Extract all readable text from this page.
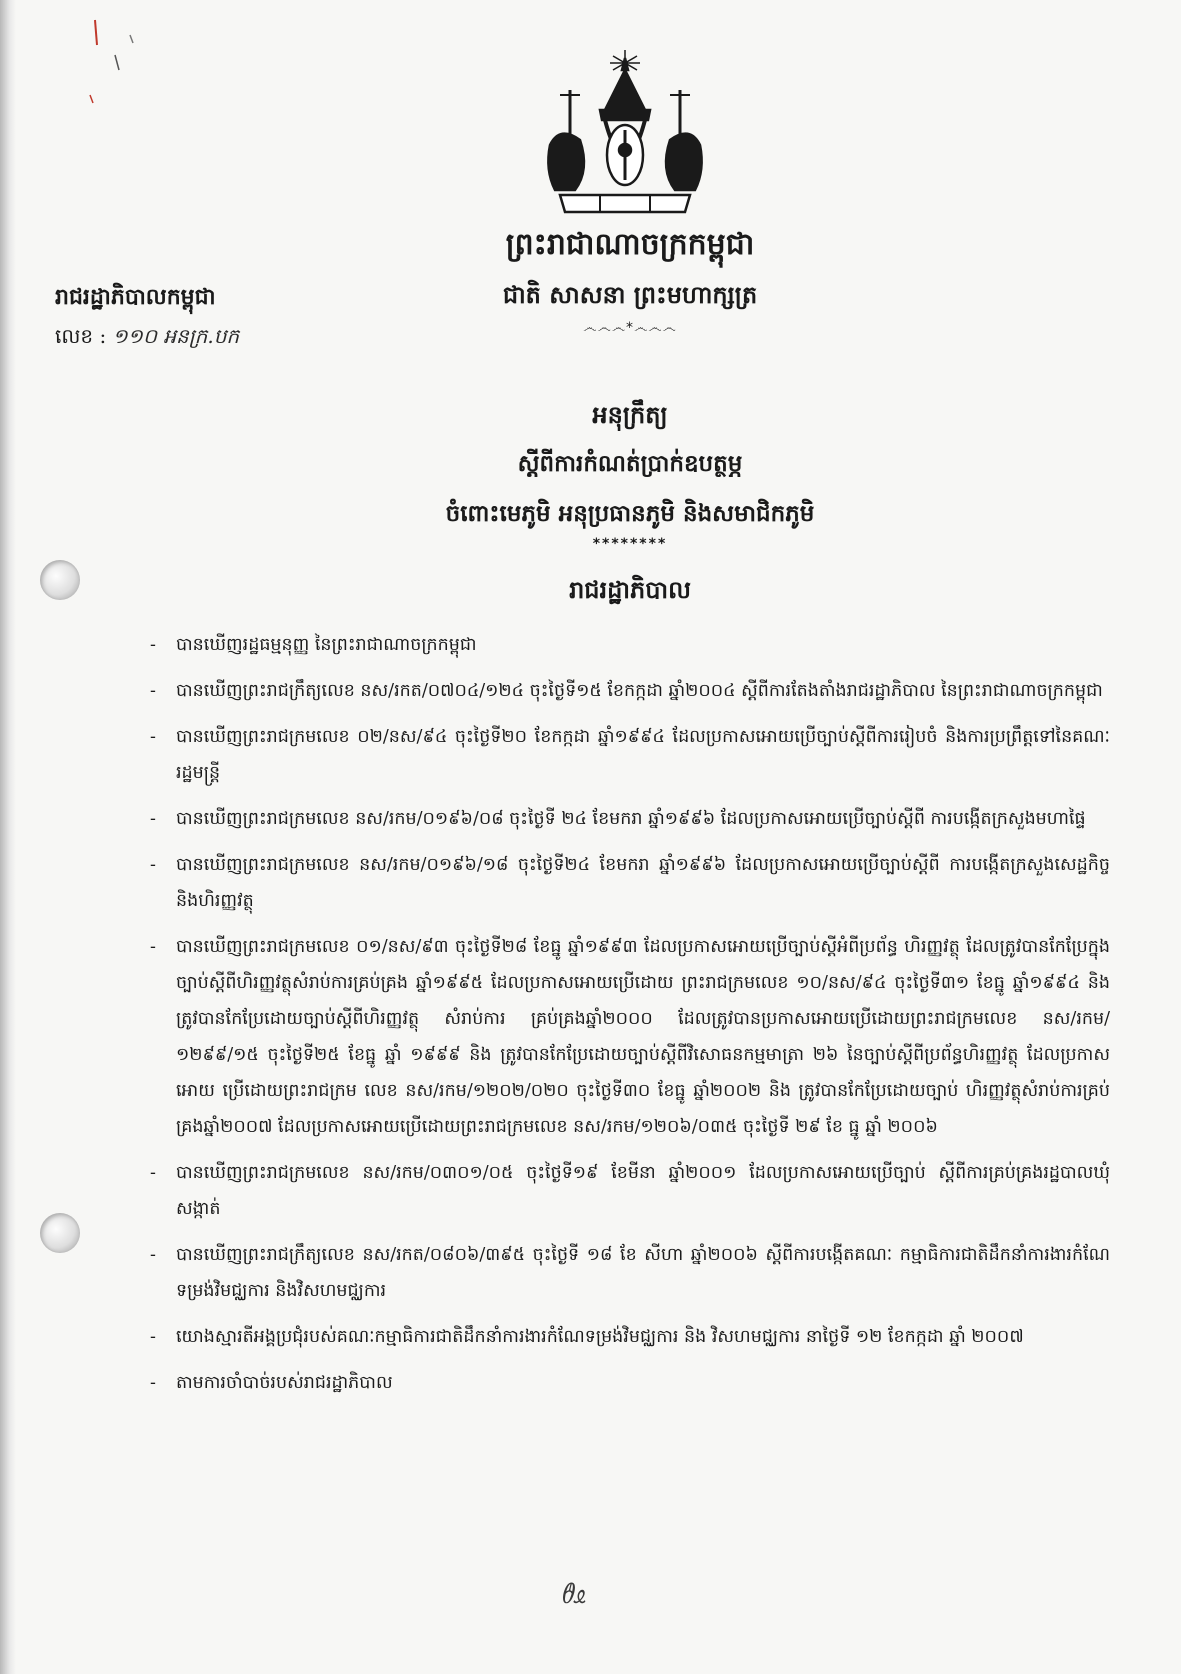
ព្រះរាជាណាចក្រកម្ពុជា
ជាតិ សាសនា ព្រះមហាក្សត្រ
෴෴෴*෴෴෴
រាជរដ្ឋាភិបាលកម្ពុជា
លេខ : ១១០ អនក្រ.បក
អនុក្រឹត្យ
ស្តីពីការកំណត់ប្រាក់ឧបត្ថម្ភ
ចំពោះមេភូមិ អនុប្រធានភូមិ និងសមាជិកភូមិ
********
រាជរដ្ឋាភិបាល
- បានឃើញរដ្ឋធម្មនុញ្ញ នៃព្រះរាជាណាចក្រកម្ពុជា
- បានឃើញព្រះរាជក្រឹត្យលេខ នស/រកត/០៧០៤/១២៤ ចុះថ្ងៃទី១៥ ខែកក្កដា ឆ្នាំ២០០៤ ស្តីពីការតែងតាំងរាជរដ្ឋាភិបាល នៃព្រះរាជាណាចក្រកម្ពុជា
- បានឃើញព្រះរាជក្រមលេខ ០២/នស/៩៤ ចុះថ្ងៃទី២០ ខែកក្កដា ឆ្នាំ១៩៩៤ ដែលប្រកាសអោយប្រើច្បាប់ស្តីពីការរៀបចំ និងការប្រព្រឹត្តទៅនៃគណៈរដ្ឋមន្ត្រី
- បានឃើញព្រះរាជក្រមលេខ នស/រកម/០១៩៦/០៨ ចុះថ្ងៃទី ២៤ ខែមករា ឆ្នាំ១៩៩៦ ដែលប្រកាសអោយប្រើច្បាប់ស្តីពី ការបង្កើតក្រសួងមហាផ្ទៃ
- បានឃើញព្រះរាជក្រមលេខ នស/រកម/០១៩៦/១៨ ចុះថ្ងៃទី២៤ ខែមករា ឆ្នាំ១៩៩៦ ដែលប្រកាសអោយប្រើច្បាប់ស្តីពី ការបង្កើតក្រសួងសេដ្ឋកិច្ច និងហិរញ្ញវត្ថុ
- បានឃើញព្រះរាជក្រមលេខ ០១/នស/៩៣ ចុះថ្ងៃទី២៨ ខែធ្នូ ឆ្នាំ១៩៩៣ ដែលប្រកាសអោយប្រើច្បាប់ស្តីអំពីប្រព័ន្ធ ហិរញ្ញវត្ថុ ដែលត្រូវបានកែប្រែក្នុងច្បាប់ស្តីពីហិរញ្ញវត្ថុសំរាប់ការគ្រប់គ្រង ឆ្នាំ១៩៩៥ ដែលប្រកាសអោយប្រើដោយ ព្រះរាជក្រមលេខ ១០/នស/៩៤ ចុះថ្ងៃទី៣១ ខែធ្នូ ឆ្នាំ១៩៩៤ និងត្រូវបានកែប្រែដោយច្បាប់ស្តីពីហិរញ្ញវត្ថុ សំរាប់ការ គ្រប់គ្រងឆ្នាំ២០០០ ដែលត្រូវបានប្រកាសអោយប្រើដោយព្រះរាជក្រមលេខ នស/រកម/១២៩៩/១៥ ចុះថ្ងៃទី២៥ ខែធ្នូ ឆ្នាំ ១៩៩៩ និង ត្រូវបានកែប្រែដោយច្បាប់ស្តីពីវិសោធនកម្មមាត្រា ២៦ នៃច្បាប់ស្តីពីប្រព័ន្ធហិរញ្ញវត្ថុ ដែលប្រកាសអោយ ប្រើដោយព្រះរាជក្រម លេខ នស/រកម/១២០២/០២០ ចុះថ្ងៃទី៣០ ខែធ្នូ ឆ្នាំ២០០២ និង ត្រូវបានកែប្រែដោយច្បាប់ ហិរញ្ញវត្ថុសំរាប់ការគ្រប់គ្រងឆ្នាំ២០០៧ ដែលប្រកាសអោយប្រើដោយព្រះរាជក្រមលេខ នស/រកម/១២០៦/០៣៥ ចុះថ្ងៃទី ២៩ ខែ ធ្នូ ឆ្នាំ ២០០៦
- បានឃើញព្រះរាជក្រមលេខ នស/រកម/០៣០១/០៥ ចុះថ្ងៃទី១៩ ខែមីនា ឆ្នាំ២០០១ ដែលប្រកាសអោយប្រើច្បាប់ ស្តីពីការគ្រប់គ្រងរដ្ឋបាលឃុំ សង្កាត់
- បានឃើញព្រះរាជក្រឹត្យលេខ នស/រកត/០៨០៦/៣៩៥ ចុះថ្ងៃទី ១៨ ខែ សីហា ឆ្នាំ២០០៦ ស្តីពីការបង្កើតគណៈ កម្មាធិការជាតិដឹកនាំការងារកំណែទម្រង់វិមជ្ឈការ និងវិសហមជ្ឈការ
- យោងស្មារតីអង្គប្រជុំរបស់គណៈកម្មាធិការជាតិដឹកនាំការងារកំណែទម្រង់វិមជ្ឈការ និង វិសហមជ្ឈការ នាថ្ងៃទី ១២ ខែកក្កដា ឆ្នាំ ២០០៧
- តាមការចាំបាច់របស់រាជរដ្ឋាភិបាល
ᦹᦸ
